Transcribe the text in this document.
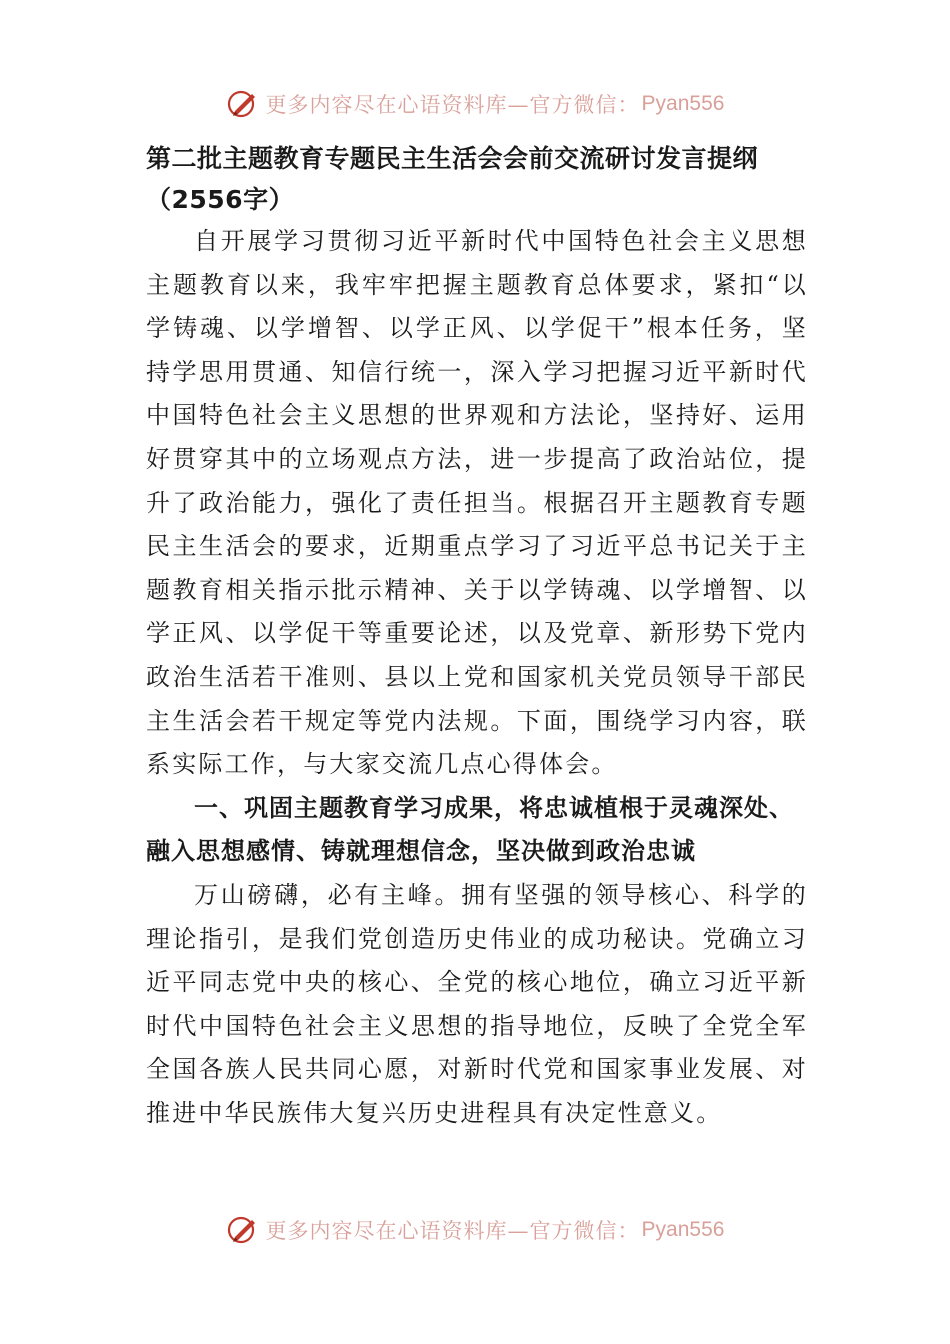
更多内容尽在心语资料库—官方微信： Pyan556

第二批主题教育专题民主生活会会前交流研讨发言提纲（2556字）

自开展学习贯彻习近平新时代中国特色社会主义思想主题教育以来，我牢牢把握主题教育总体要求，紧扣“以学铸魂、以学增智、以学正风、以学促干”根本任务，坚持学思用贯通、知信行统一，深入学习把握习近平新时代中国特色社会主义思想的世界观和方法论，坚持好、运用好贯穿其中的立场观点方法，进一步提高了政治站位，提升了政治能力，强化了责任担当。根据召开主题教育专题民主生活会的要求，近期重点学习了习近平总书记关于主题教育相关指示批示精神、关于以学铸魂、以学增智、以学正风、以学促干等重要论述，以及党章、新形势下党内政治生活若干准则、县以上党和国家机关党员领导干部民主生活会若干规定等党内法规。下面，围绕学习内容，联系实际工作，与大家交流几点心得体会。

一、巩固主题教育学习成果，将忠诚植根于灵魂深处、融入思想感情、铸就理想信念，坚决做到政治忠诚

万山磅礴，必有主峰。拥有坚强的领导核心、科学的理论指引，是我们党创造历史伟业的成功秘诀。党确立习近平同志党中央的核心、全党的核心地位，确立习近平新时代中国特色社会主义思想的指导地位，反映了全党全军全国各族人民共同心愿，对新时代党和国家事业发展、对推进中华民族伟大复兴历史进程具有决定性意义。

更多内容尽在心语资料库—官方微信： Pyan556
